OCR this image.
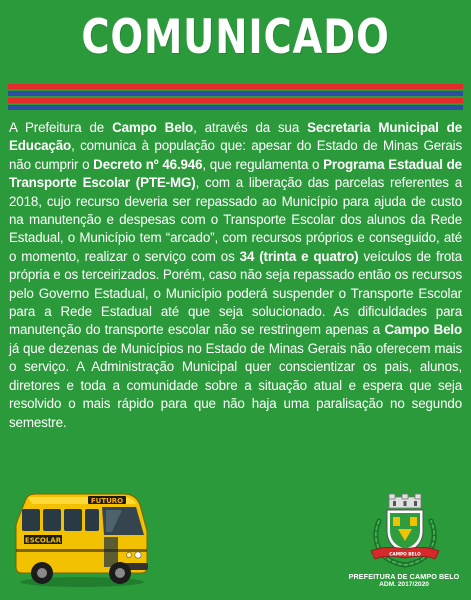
COMUNICADO
A Prefeitura de Campo Belo, através da sua Secretaria Municipal de Educação, comunica à população que: apesar do Estado de Minas Gerais não cumprir o Decreto nº 46.946, que regulamenta o Programa Estadual de Transporte Escolar (PTE-MG), com a liberação das parcelas referentes a 2018, cujo recurso deveria ser repassado ao Município para ajuda de custo na manutenção e despesas com o Transporte Escolar dos alunos da Rede Estadual, o Município tem “arcado”, com recursos próprios e conseguido, até o momento, realizar o serviço com os 34 (trinta e quatro) veículos de frota própria e os terceirizados. Porém, caso não seja repassado então os recursos pelo Governo Estadual, o Município poderá suspender o Transporte Escolar para a Rede Estadual até que seja solucionado. As dificuldades para manutenção do transporte escolar não se restringem apenas a Campo Belo já que dezenas de Municípios no Estado de Minas Gerais não oferecem mais o serviço. A Administração Municipal quer conscientizar os pais, alunos, diretores e toda a comunidade sobre a situação atual e espera que seja resolvido o mais rápido para que não haja uma paralisação no segundo semestre.
FUTURO
ESCOLAR
CAMPO BELO
PREFEITURA DE CAMPO BELO
ADM. 2017/2020
